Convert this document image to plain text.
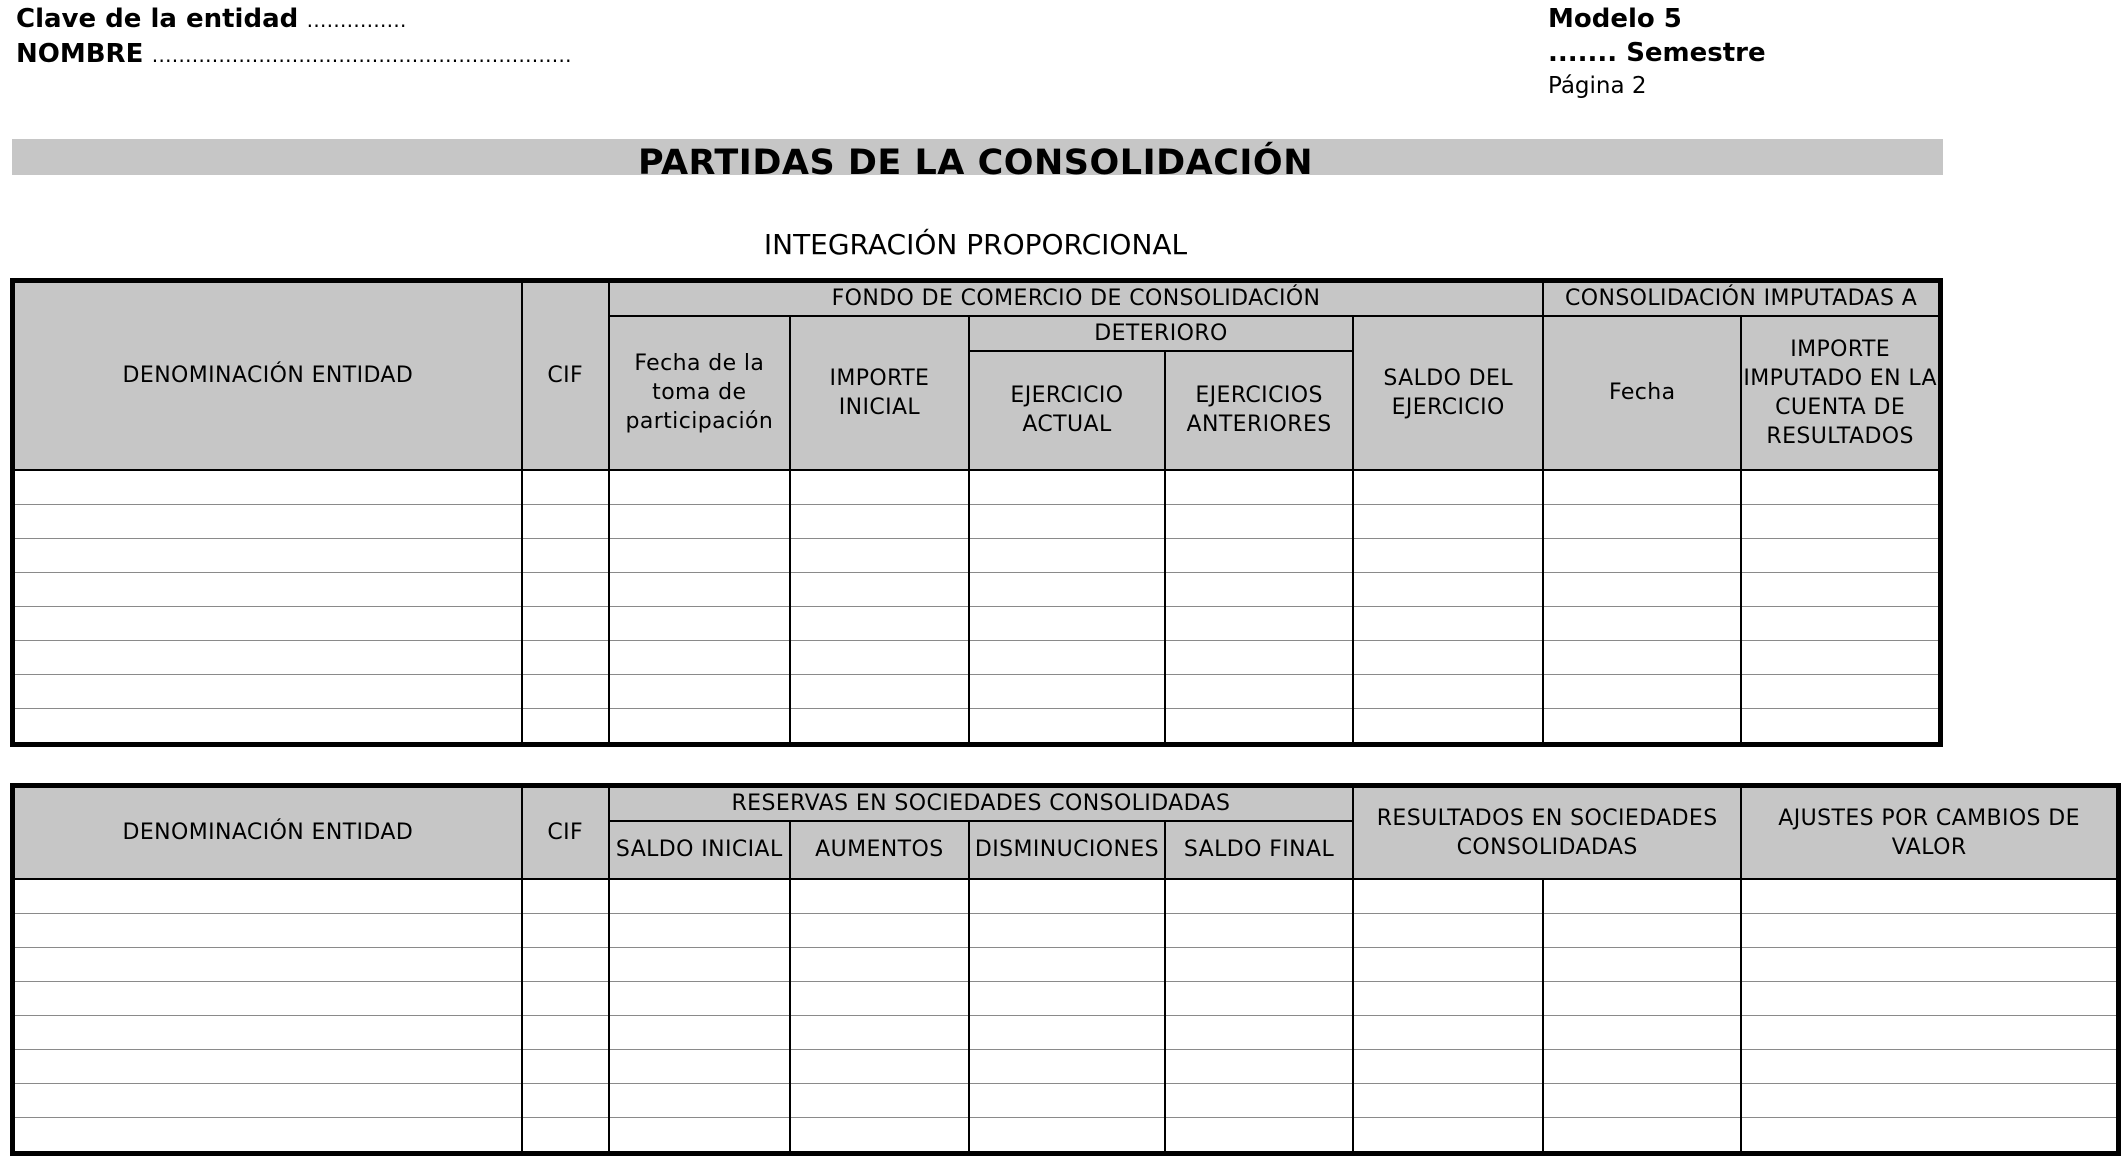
Clave de la entidad ……………
NOMBRE ………………………………………………………
Modelo 5
....... Semestre
Página 2
PARTIDAS DE LA CONSOLIDACIÓN
INTEGRACIÓN PROPORCIONAL
DENOMINACIÓN ENTIDAD	CIF	FONDO DE COMERCIO DE CONSOLIDACIÓN					CONSOLIDACIÓN IMPUTADAS A	
		Fecha de la toma de participación	IMPORTE INICIAL	DETERIORO		SALDO DEL EJERCICIO	Fecha	IMPORTE IMPUTADO EN LA CUENTA DE RESULTADOS
				EJERCICIO ACTUAL	EJERCICIOS ANTERIORES			

DENOMINACIÓN ENTIDAD	CIF	RESERVAS EN SOCIEDADES CONSOLIDADAS				RESULTADOS EN SOCIEDADES CONSOLIDADAS		AJUSTES POR CAMBIOS DE VALOR
		SALDO INICIAL	AUMENTOS	DISMINUCIONES	SALDO FINAL			
